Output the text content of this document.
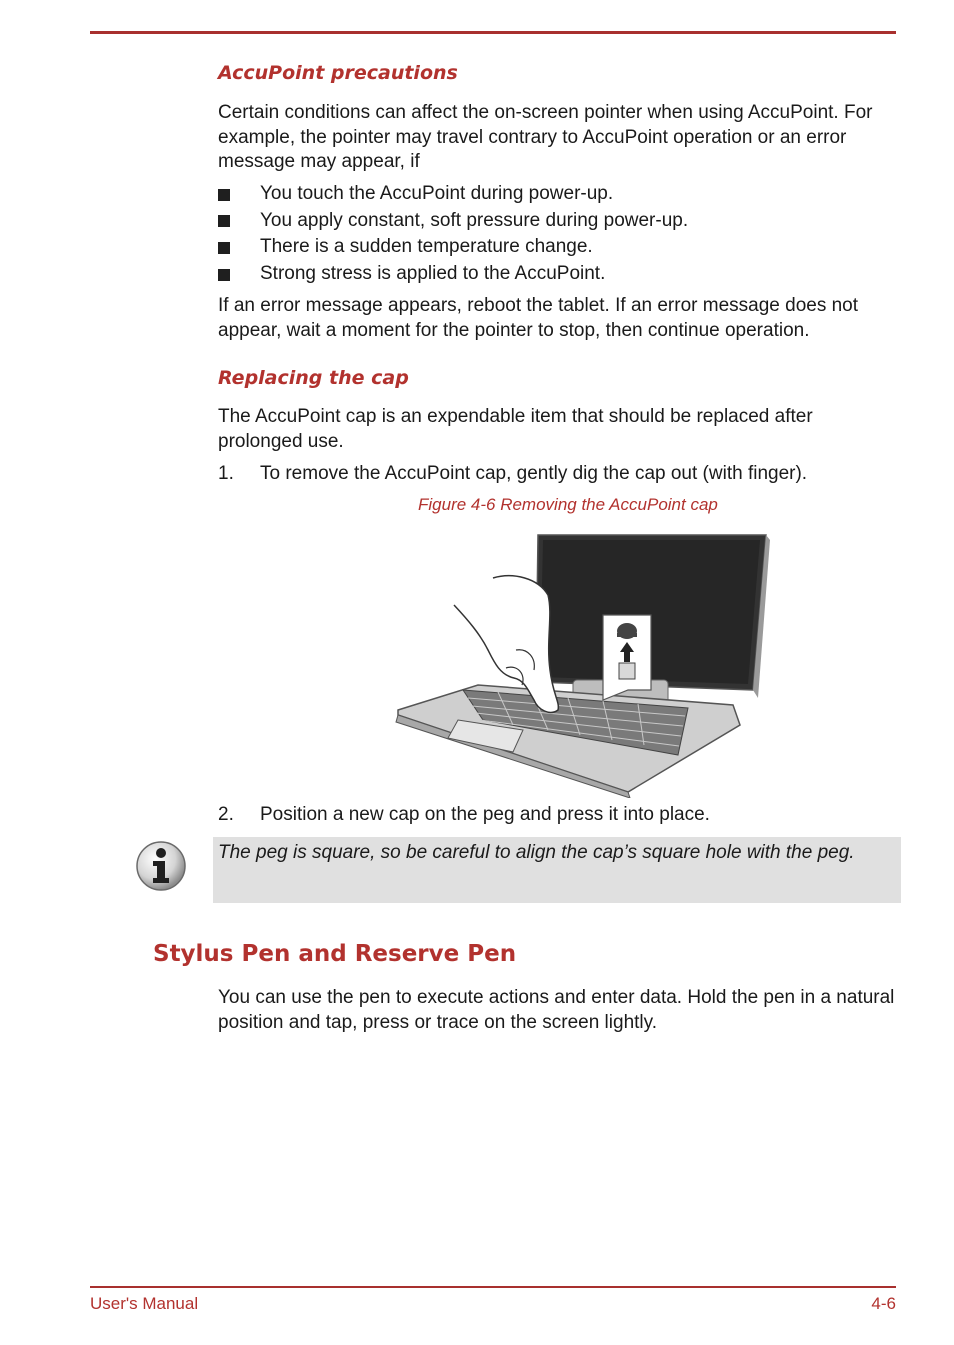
AccuPoint precautions

Certain conditions can affect the on-screen pointer when using AccuPoint. For example, the pointer may travel contrary to AccuPoint operation or an error message may appear, if

You touch the AccuPoint during power-up.
You apply constant, soft pressure during power-up.
There is a sudden temperature change.
Strong stress is applied to the AccuPoint.

If an error message appears, reboot the tablet. If an error message does not appear, wait a moment for the pointer to stop, then continue operation.

Replacing the cap

The AccuPoint cap is an expendable item that should be replaced after prolonged use.

1. To remove the AccuPoint cap, gently dig the cap out (with finger).
Figure 4-6 Removing the AccuPoint cap
2. Position a new cap on the peg and press it into place.

The peg is square, so be careful to align the cap’s square hole with the peg.

Stylus Pen and Reserve Pen

You can use the pen to execute actions and enter data. Hold the pen in a natural position and tap, press or trace on the screen lightly.

User's Manual	4-6
